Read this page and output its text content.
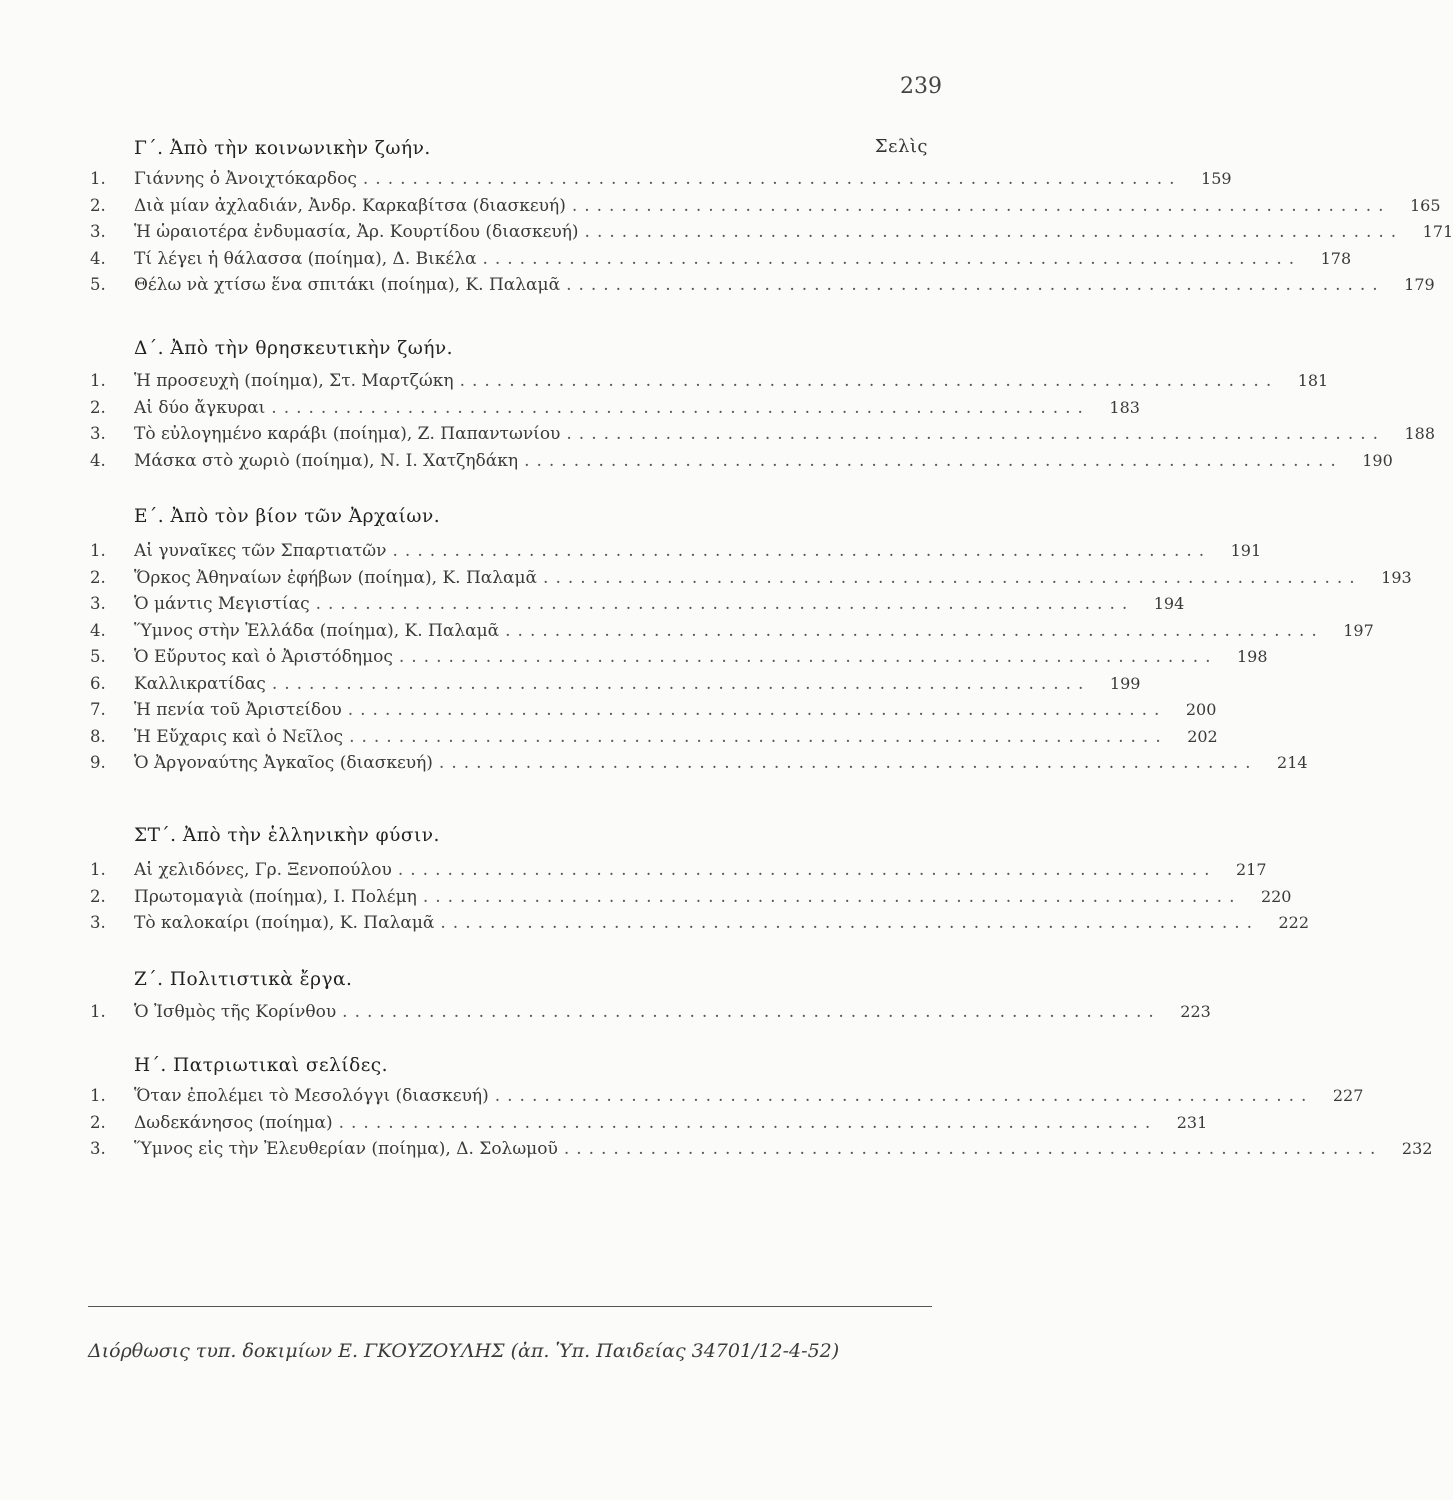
239
Γ΄. Ἀπὸ τὴν κοινωνικὴν ζωήν.	Σελὶς
1.	Γιάννης ὁ Ἀνοιχτόκαρδος ..................................................................	159
2.	Διὰ μίαν ἀχλαδιάν, Ἀνδρ. Καρκαβίτσα (διασκευή) ..................................................................	165
3.	Ἡ ὡραιοτέρα ἐνδυμασία, Ἀρ. Κουρτίδου (διασκευή) ..................................................................	171
4.	Τί λέγει ἡ θάλασσα (ποίημα), Δ. Βικέλα ..................................................................	178
5.	Θέλω νὰ χτίσω ἕνα σπιτάκι (ποίημα), Κ. Παλαμᾶ ..................................................................	179
Δ΄. Ἀπὸ τὴν θρησκευτικὴν ζωήν.
1.	Ἡ προσευχὴ (ποίημα), Στ. Μαρτζώκη ..................................................................	181
2.	Αἱ δύο ἄγκυραι ..................................................................	183
3.	Τὸ εὐλογημένο καράβι (ποίημα), Ζ. Παπαντωνίου ..................................................................	188
4.	Μάσκα στὸ χωριὸ (ποίημα), Ν. Ι. Χατζηδάκη ..................................................................	190
Ε΄. Ἀπὸ τὸν βίον τῶν Ἀρχαίων.
1.	Αἱ γυναῖκες τῶν Σπαρτιατῶν ..................................................................	191
2.	Ὅρκος Ἀθηναίων ἐφήβων (ποίημα), Κ. Παλαμᾶ ..................................................................	193
3.	Ὁ μάντις Μεγιστίας ..................................................................	194
4.	Ὕμνος στὴν Ἑλλάδα (ποίημα), Κ. Παλαμᾶ ..................................................................	197
5.	Ὁ Εὔρυτος καὶ ὁ Ἀριστόδημος ..................................................................	198
6.	Καλλικρατίδας ..................................................................	199
7.	Ἡ πενία τοῦ Ἀριστείδου ..................................................................	200
8.	Ἡ Εὔχαρις καὶ ὁ Νεῖλος ..................................................................	202
9.	Ὁ Ἀργοναύτης Ἀγκαῖος (διασκευή) ..................................................................	214
ΣΤ΄. Ἀπὸ τὴν ἑλληνικὴν φύσιν.
1.	Αἱ χελιδόνες, Γρ. Ξενοπούλου ..................................................................	217
2.	Πρωτομαγιὰ (ποίημα), Ι. Πολέμη ..................................................................	220
3.	Τὸ καλοκαίρι (ποίημα), Κ. Παλαμᾶ ..................................................................	222
Ζ΄. Πολιτιστικὰ ἔργα.
1.	Ὁ Ἰσθμὸς τῆς Κορίνθου ..................................................................	223
Η΄. Πατριωτικαὶ σελίδες.
1.	Ὅταν ἐπολέμει τὸ Μεσολόγγι (διασκευή) ..................................................................	227
2.	Δωδεκάνησος (ποίημα) ..................................................................	231
3.	Ὕμνος εἰς τὴν Ἐλευθερίαν (ποίημα), Δ. Σολωμοῦ ..................................................................	232
Διόρθωσις τυπ. δοκιμίων Ε. ΓΚΟΥΖΟΥΛΗΣ (ἀπ. Ὑπ. Παιδείας 34701/12-4-52)
